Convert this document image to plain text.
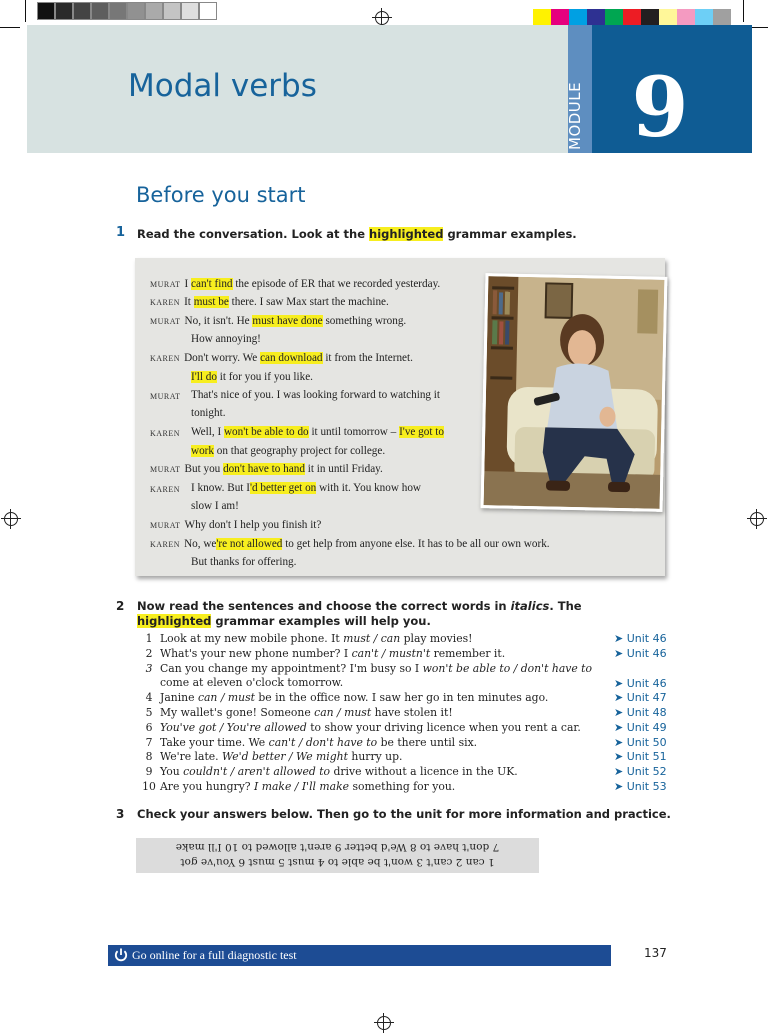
Modal verbs	MODULE 9
Before you start
1 Read the conversation. Look at the highlighted grammar examples.
MURAT I can't find the episode of ER that we recorded yesterday.
KAREN It must be there. I saw Max start the machine.
MURAT No, it isn't. He must have done something wrong.
How annoying!
KAREN Don't worry. We can download it from the Internet.
I'll do it for you if you like.
MURAT That's nice of you. I was looking forward to watching it
tonight.
KAREN Well, I won't be able to do it until tomorrow – I've got to
work on that geography project for college.
MURAT But you don't have to hand it in until Friday.
KAREN I know. But I'd better get on with it. You know how
slow I am!
MURAT Why don't I help you finish it?
KAREN No, we're not allowed to get help from anyone else. It has to be all our own work.
But thanks for offering.
2 Now read the sentences and choose the correct words in italics. The
highlighted grammar examples will help you.
1 Look at my new mobile phone. It must / can play movies!	➤ Unit 46
2 What's your new phone number? I can't / mustn't remember it.	➤ Unit 46
3 Can you change my appointment? I'm busy so I won't be able to / don't have to
come at eleven o'clock tomorrow.	➤ Unit 46
4 Janine can / must be in the office now. I saw her go in ten minutes ago.	➤ Unit 47
5 My wallet's gone! Someone can / must have stolen it!	➤ Unit 48
6 You've got / You're allowed to show your driving licence when you rent a car.	➤ Unit 49
7 Take your time. We can't / don't have to be there until six.	➤ Unit 50
8 We're late. We'd better / We might hurry up.	➤ Unit 51
9 You couldn't / aren't allowed to drive without a licence in the UK.	➤ Unit 52
10 Are you hungry? I make / I'll make something for you.	➤ Unit 53
3 Check your answers below. Then go to the unit for more information and practice.
7 don't have to 8 We'd better 9 aren't allowed to 10 I'll make
1 can 2 can't 3 won't be able to 4 must 5 must 6 You've got
Go online for a full diagnostic test	137
